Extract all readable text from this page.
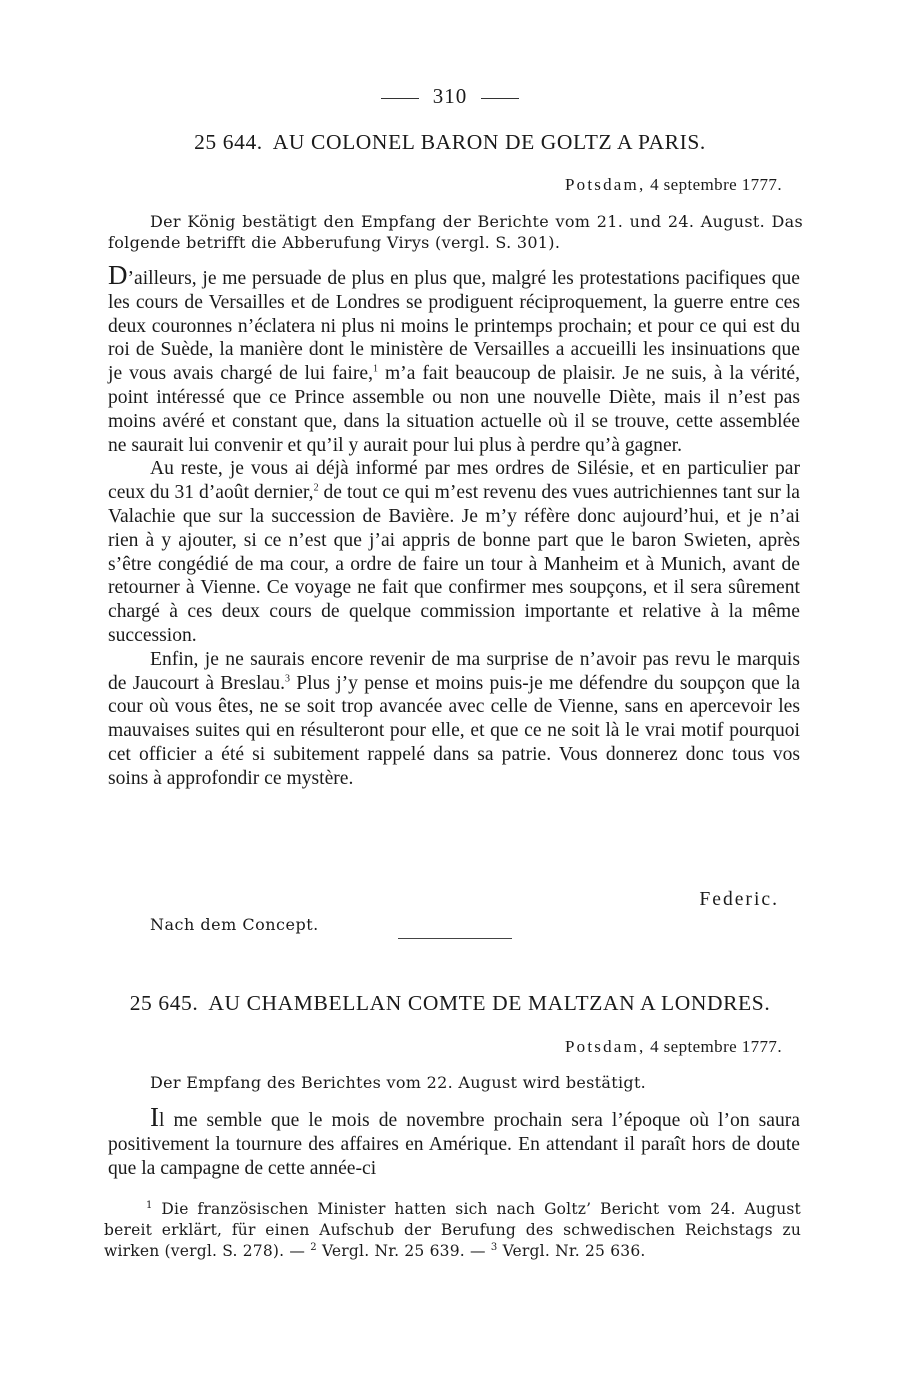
310
25 644. AU COLONEL BARON DE GOLTZ A PARIS.
Potsdam, 4 septembre 1777.
Der König bestätigt den Empfang der Berichte vom 21. und 24. August. Das folgende betrifft die Abberufung Virys (vergl. S. 301).

D’ailleurs, je me persuade de plus en plus que, malgré les protestations pacifiques que les cours de Versailles et de Londres se prodiguent réciproquement, la guerre entre ces deux couronnes n’éclatera ni plus ni moins le printemps prochain; et pour ce qui est du roi de Suède, la manière dont le ministère de Versailles a accueilli les insinuations que je vous avais chargé de lui faire,$^1$ m’a fait beaucoup de plaisir. Je ne suis, à la vérité, point intéressé que ce Prince assemble ou non une nouvelle Diète, mais il n’est pas moins avéré et constant que, dans la situation actuelle où il se trouve, cette assemblée ne saurait lui convenir et qu’il y aurait pour lui plus à perdre qu’à gagner.

Au reste, je vous ai déjà informé par mes ordres de Silésie, et en particulier par ceux du 31 d’août dernier,$^2$ de tout ce qui m’est revenu des vues autrichiennes tant sur la Valachie que sur la succession de Bavière. Je m’y réfère donc aujourd’hui, et je n’ai rien à y ajouter, si ce n’est que j’ai appris de bonne part que le baron Swieten, après s’être congédié de ma cour, a ordre de faire un tour à Manheim et à Munich, avant de retourner à Vienne. Ce voyage ne fait que confirmer mes soupçons, et il sera sûrement chargé à ces deux cours de quelque commission importante et relative à la même succession.

Enfin, je ne saurais encore revenir de ma surprise de n’avoir pas revu le marquis de Jaucourt à Breslau.$^3$ Plus j’y pense et moins puis-je me défendre du soupçon que la cour où vous êtes, ne se soit trop avancée avec celle de Vienne, sans en apercevoir les mauvaises suites qui en résulteront pour elle, et que ce ne soit là le vrai motif pourquoi cet officier a été si subitement rappelé dans sa patrie. Vous donnerez donc tous vos soins à approfondir ce mystère.

Federic.
Nach dem Concept.
25 645. AU CHAMBELLAN COMTE DE MALTZAN A LONDRES.
Potsdam, 4 septembre 1777.
Der Empfang des Berichtes vom 22. August wird bestätigt.

Il me semble que le mois de novembre prochain sera l’époque où l’on saura positivement la tournure des affaires en Amérique. En attendant il paraît hors de doute que la campagne de cette année-ci

$^1$ Die französischen Minister hatten sich nach Goltz’ Bericht vom 24. August bereit erklärt, für einen Aufschub der Berufung des schwedischen Reichstags zu wirken (vergl. S. 278). — $^2$ Vergl. Nr. 25 639. — $^3$ Vergl. Nr. 25 636.
